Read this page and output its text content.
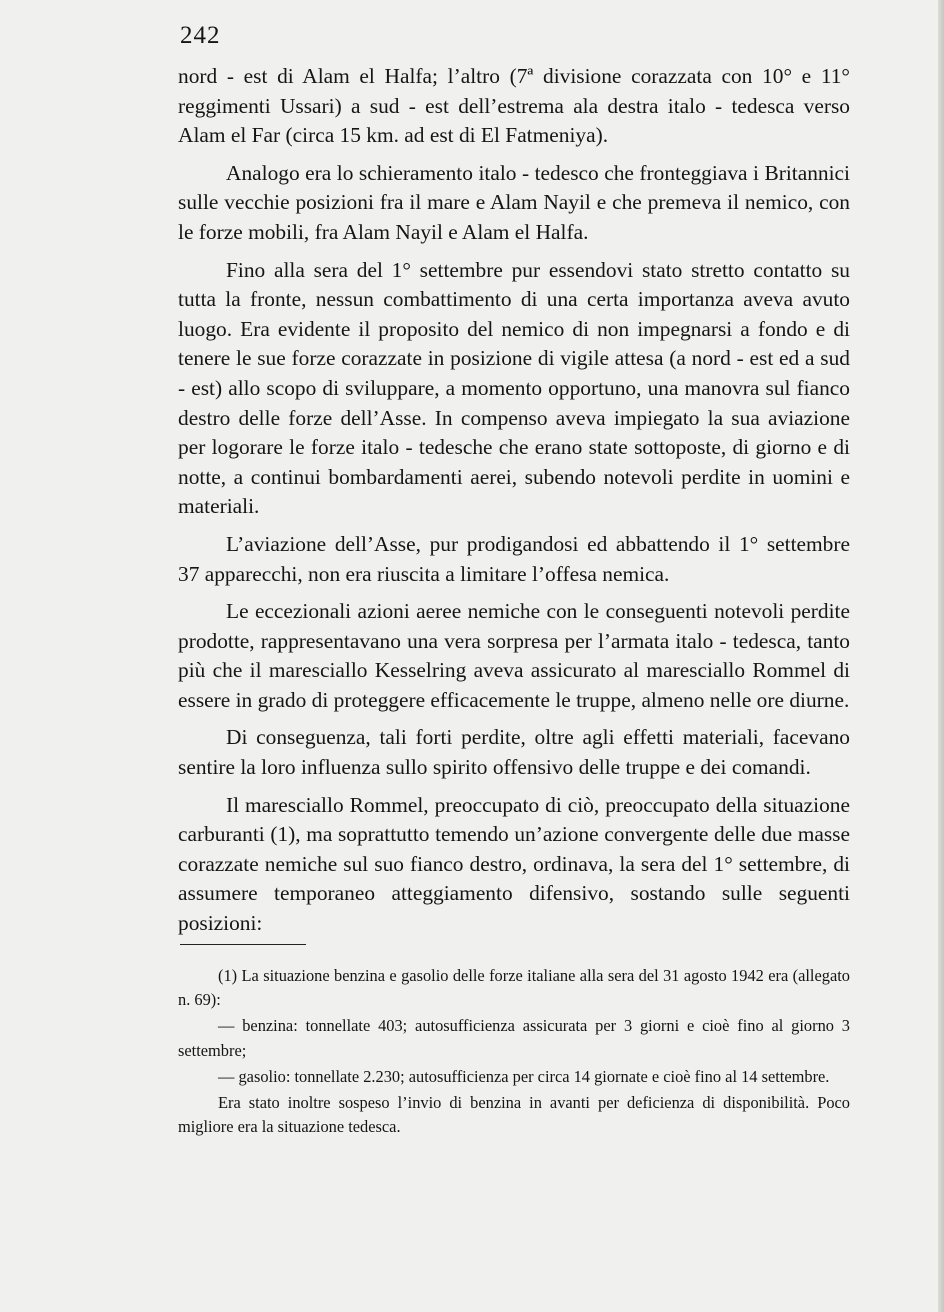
242

nord - est di Alam el Halfa; l’altro (7ª divisione corazzata con 10° e 11° reggimenti Ussari) a sud - est dell’estrema ala destra italo - tedesca verso Alam el Far (circa 15 km. ad est di El Fatmeniya).

Analogo era lo schieramento italo - tedesco che fronteggiava i Britannici sulle vecchie posizioni fra il mare e Alam Nayil e che premeva il nemico, con le forze mobili, fra Alam Nayil e Alam el Halfa.

Fino alla sera del 1° settembre pur essendovi stato stretto contatto su tutta la fronte, nessun combattimento di una certa importanza aveva avuto luogo. Era evidente il proposito del nemico di non impegnarsi a fondo e di tenere le sue forze corazzate in posizione di vigile attesa (a nord - est ed a sud - est) allo scopo di sviluppare, a momento opportuno, una manovra sul fianco destro delle forze dell’Asse. In compenso aveva impiegato la sua aviazione per logorare le forze italo - tedesche che erano state sottoposte, di giorno e di notte, a continui bombardamenti aerei, subendo notevoli perdite in uomini e materiali.

L’aviazione dell’Asse, pur prodigandosi ed abbattendo il 1° settembre 37 apparecchi, non era riuscita a limitare l’offesa nemica.

Le eccezionali azioni aeree nemiche con le conseguenti notevoli perdite prodotte, rappresentavano una vera sorpresa per l’armata italo - tedesca, tanto più che il maresciallo Kesselring aveva assicurato al maresciallo Rommel di essere in grado di proteggere efficacemente le truppe, almeno nelle ore diurne.

Di conseguenza, tali forti perdite, oltre agli effetti materiali, facevano sentire la loro influenza sullo spirito offensivo delle truppe e dei comandi.

Il maresciallo Rommel, preoccupato di ciò, preoccupato della situazione carburanti (1), ma soprattutto temendo un’azione convergente delle due masse corazzate nemiche sul suo fianco destro, ordinava, la sera del 1° settembre, di assumere temporaneo atteggiamento difensivo, sostando sulle seguenti posizioni:

(1) La situazione benzina e gasolio delle forze italiane alla sera del 31 agosto 1942 era (allegato n. 69):

— benzina: tonnellate 403; autosufficienza assicurata per 3 giorni e cioè fino al giorno 3 settembre;

— gasolio: tonnellate 2.230; autosufficienza per circa 14 giornate e cioè fino al 14 settembre.

Era stato inoltre sospeso l’invio di benzina in avanti per deficienza di disponibilità. Poco migliore era la situazione tedesca.
